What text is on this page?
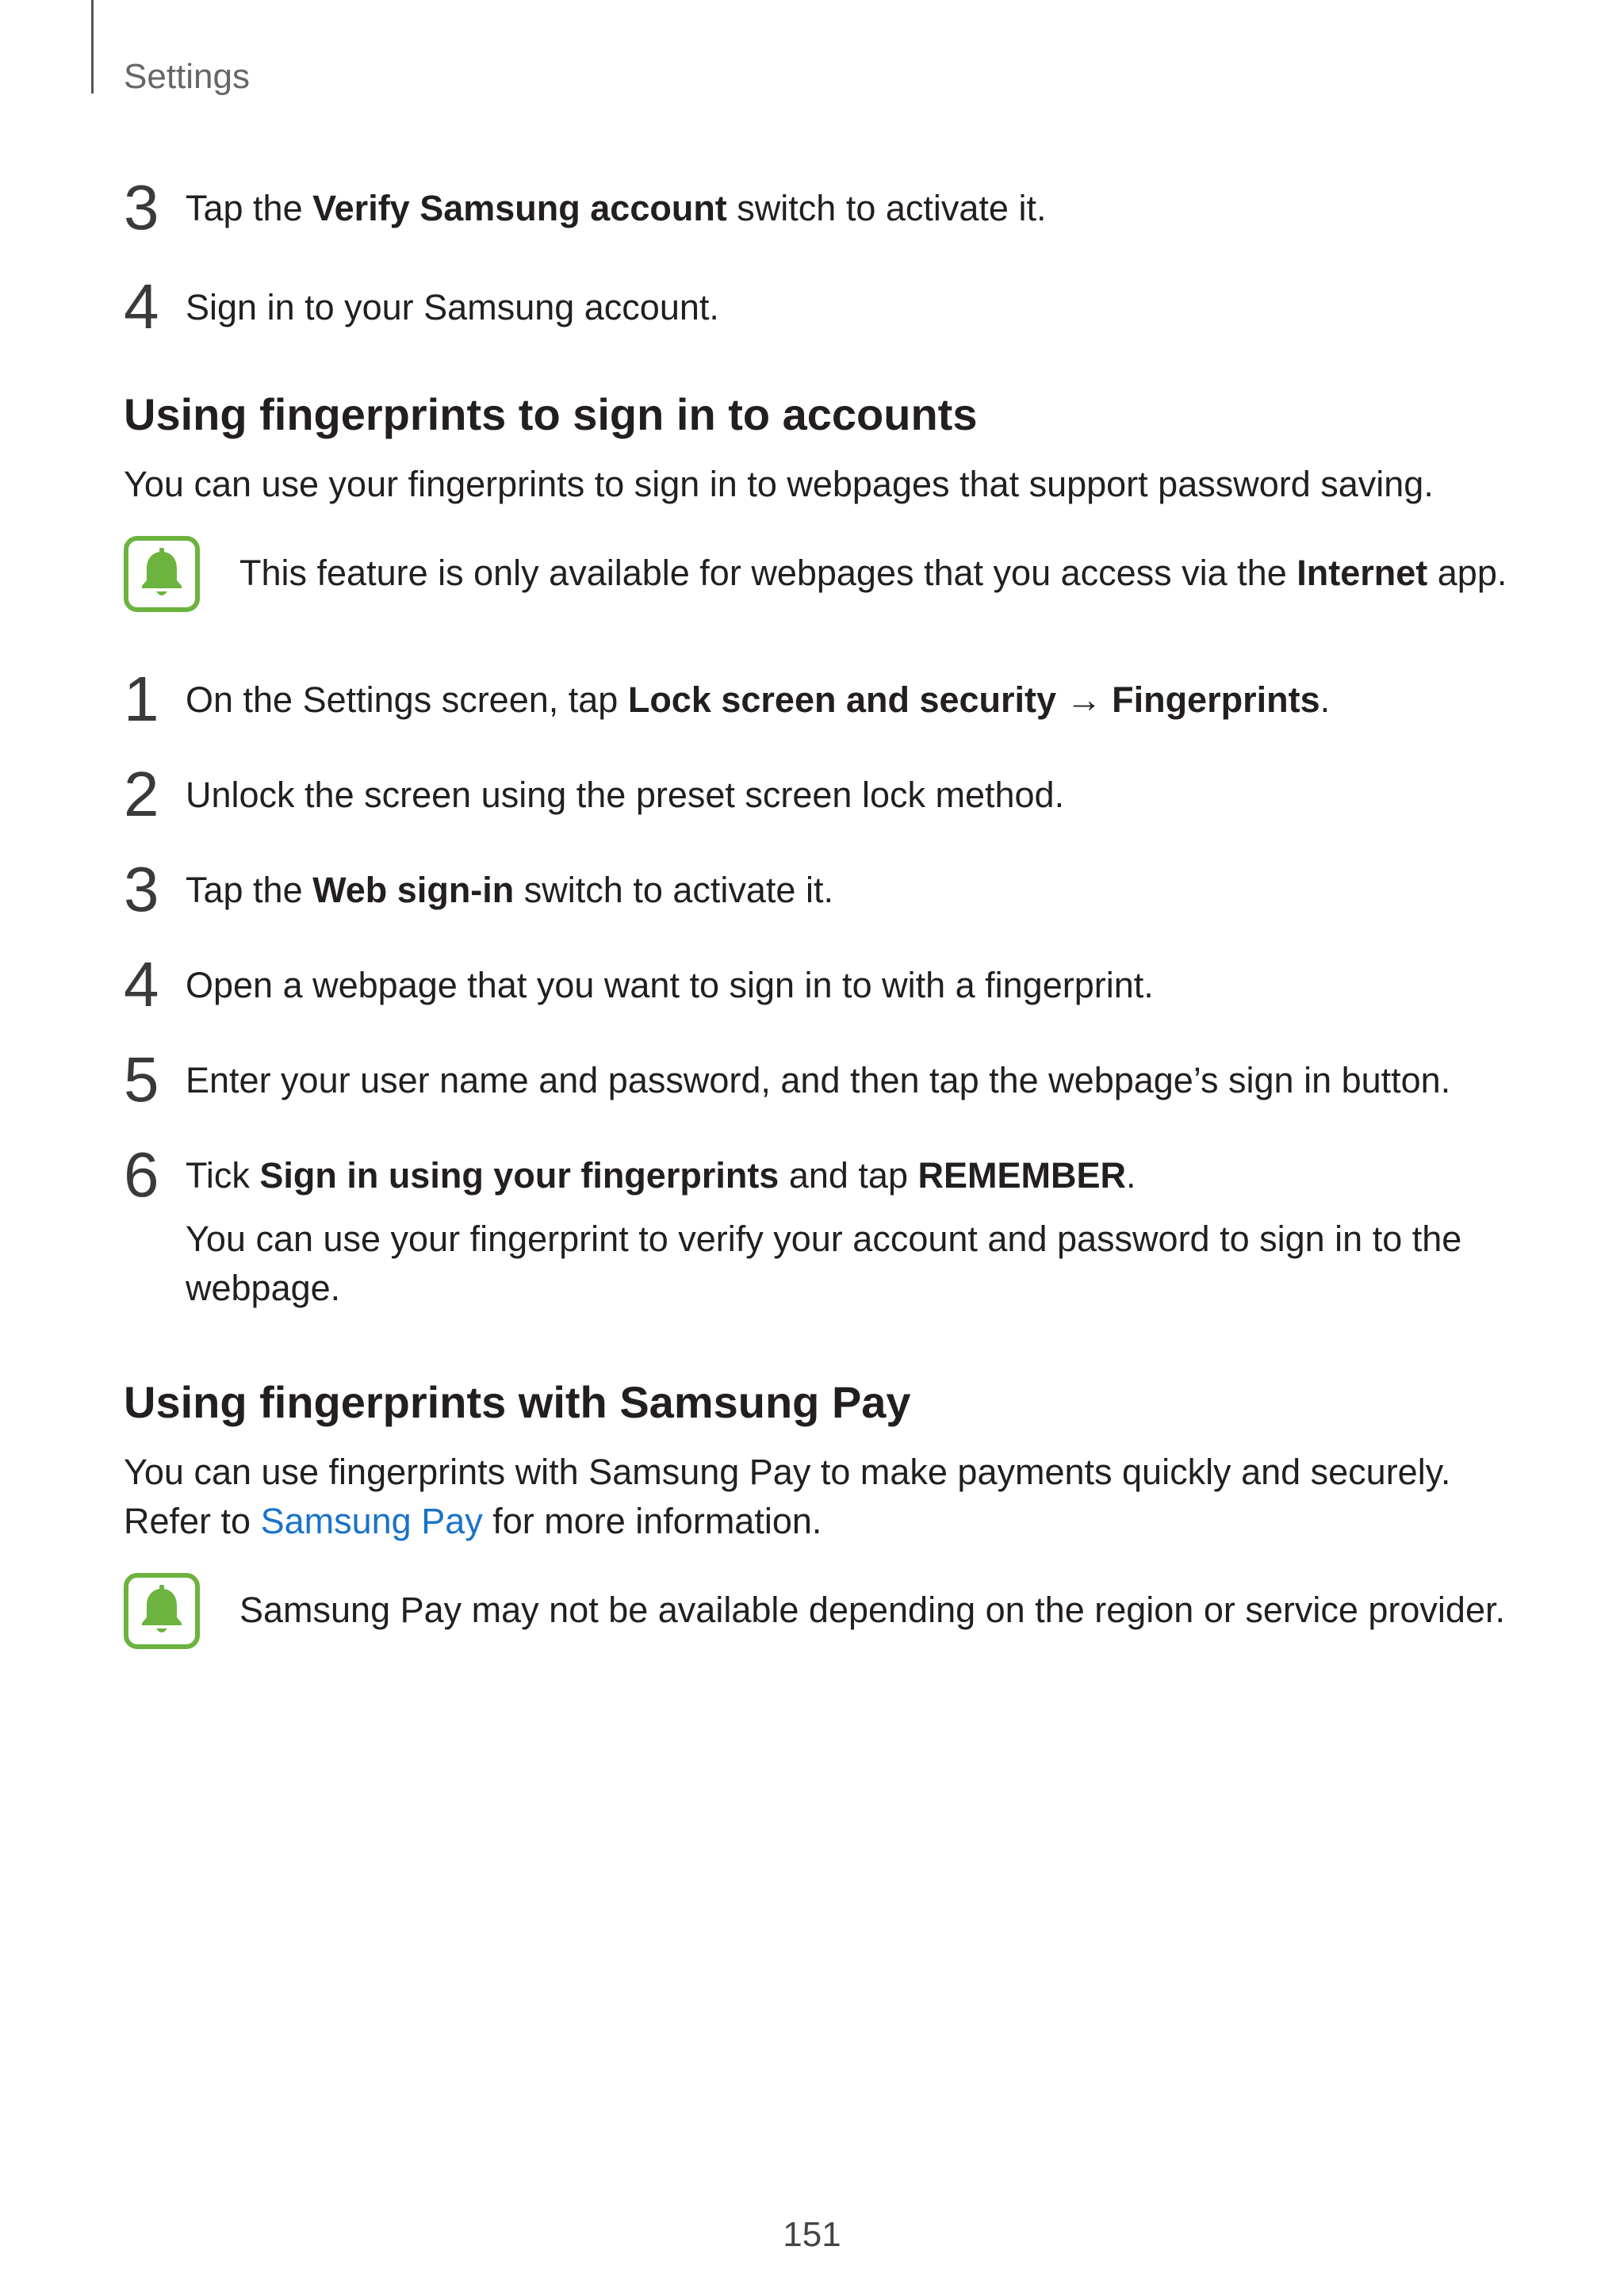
Settings
3 Tap the Verify Samsung account switch to activate it.
4 Sign in to your Samsung account.
Using fingerprints to sign in to accounts
You can use your fingerprints to sign in to webpages that support password saving.
This feature is only available for webpages that you access via the Internet app.
1 On the Settings screen, tap Lock screen and security → Fingerprints.
2 Unlock the screen using the preset screen lock method.
3 Tap the Web sign-in switch to activate it.
4 Open a webpage that you want to sign in to with a fingerprint.
5 Enter your user name and password, and then tap the webpage’s sign in button.
6 Tick Sign in using your fingerprints and tap REMEMBER.
You can use your fingerprint to verify your account and password to sign in to the webpage.
Using fingerprints with Samsung Pay
You can use fingerprints with Samsung Pay to make payments quickly and securely. Refer to Samsung Pay for more information.
Samsung Pay may not be available depending on the region or service provider.
151
